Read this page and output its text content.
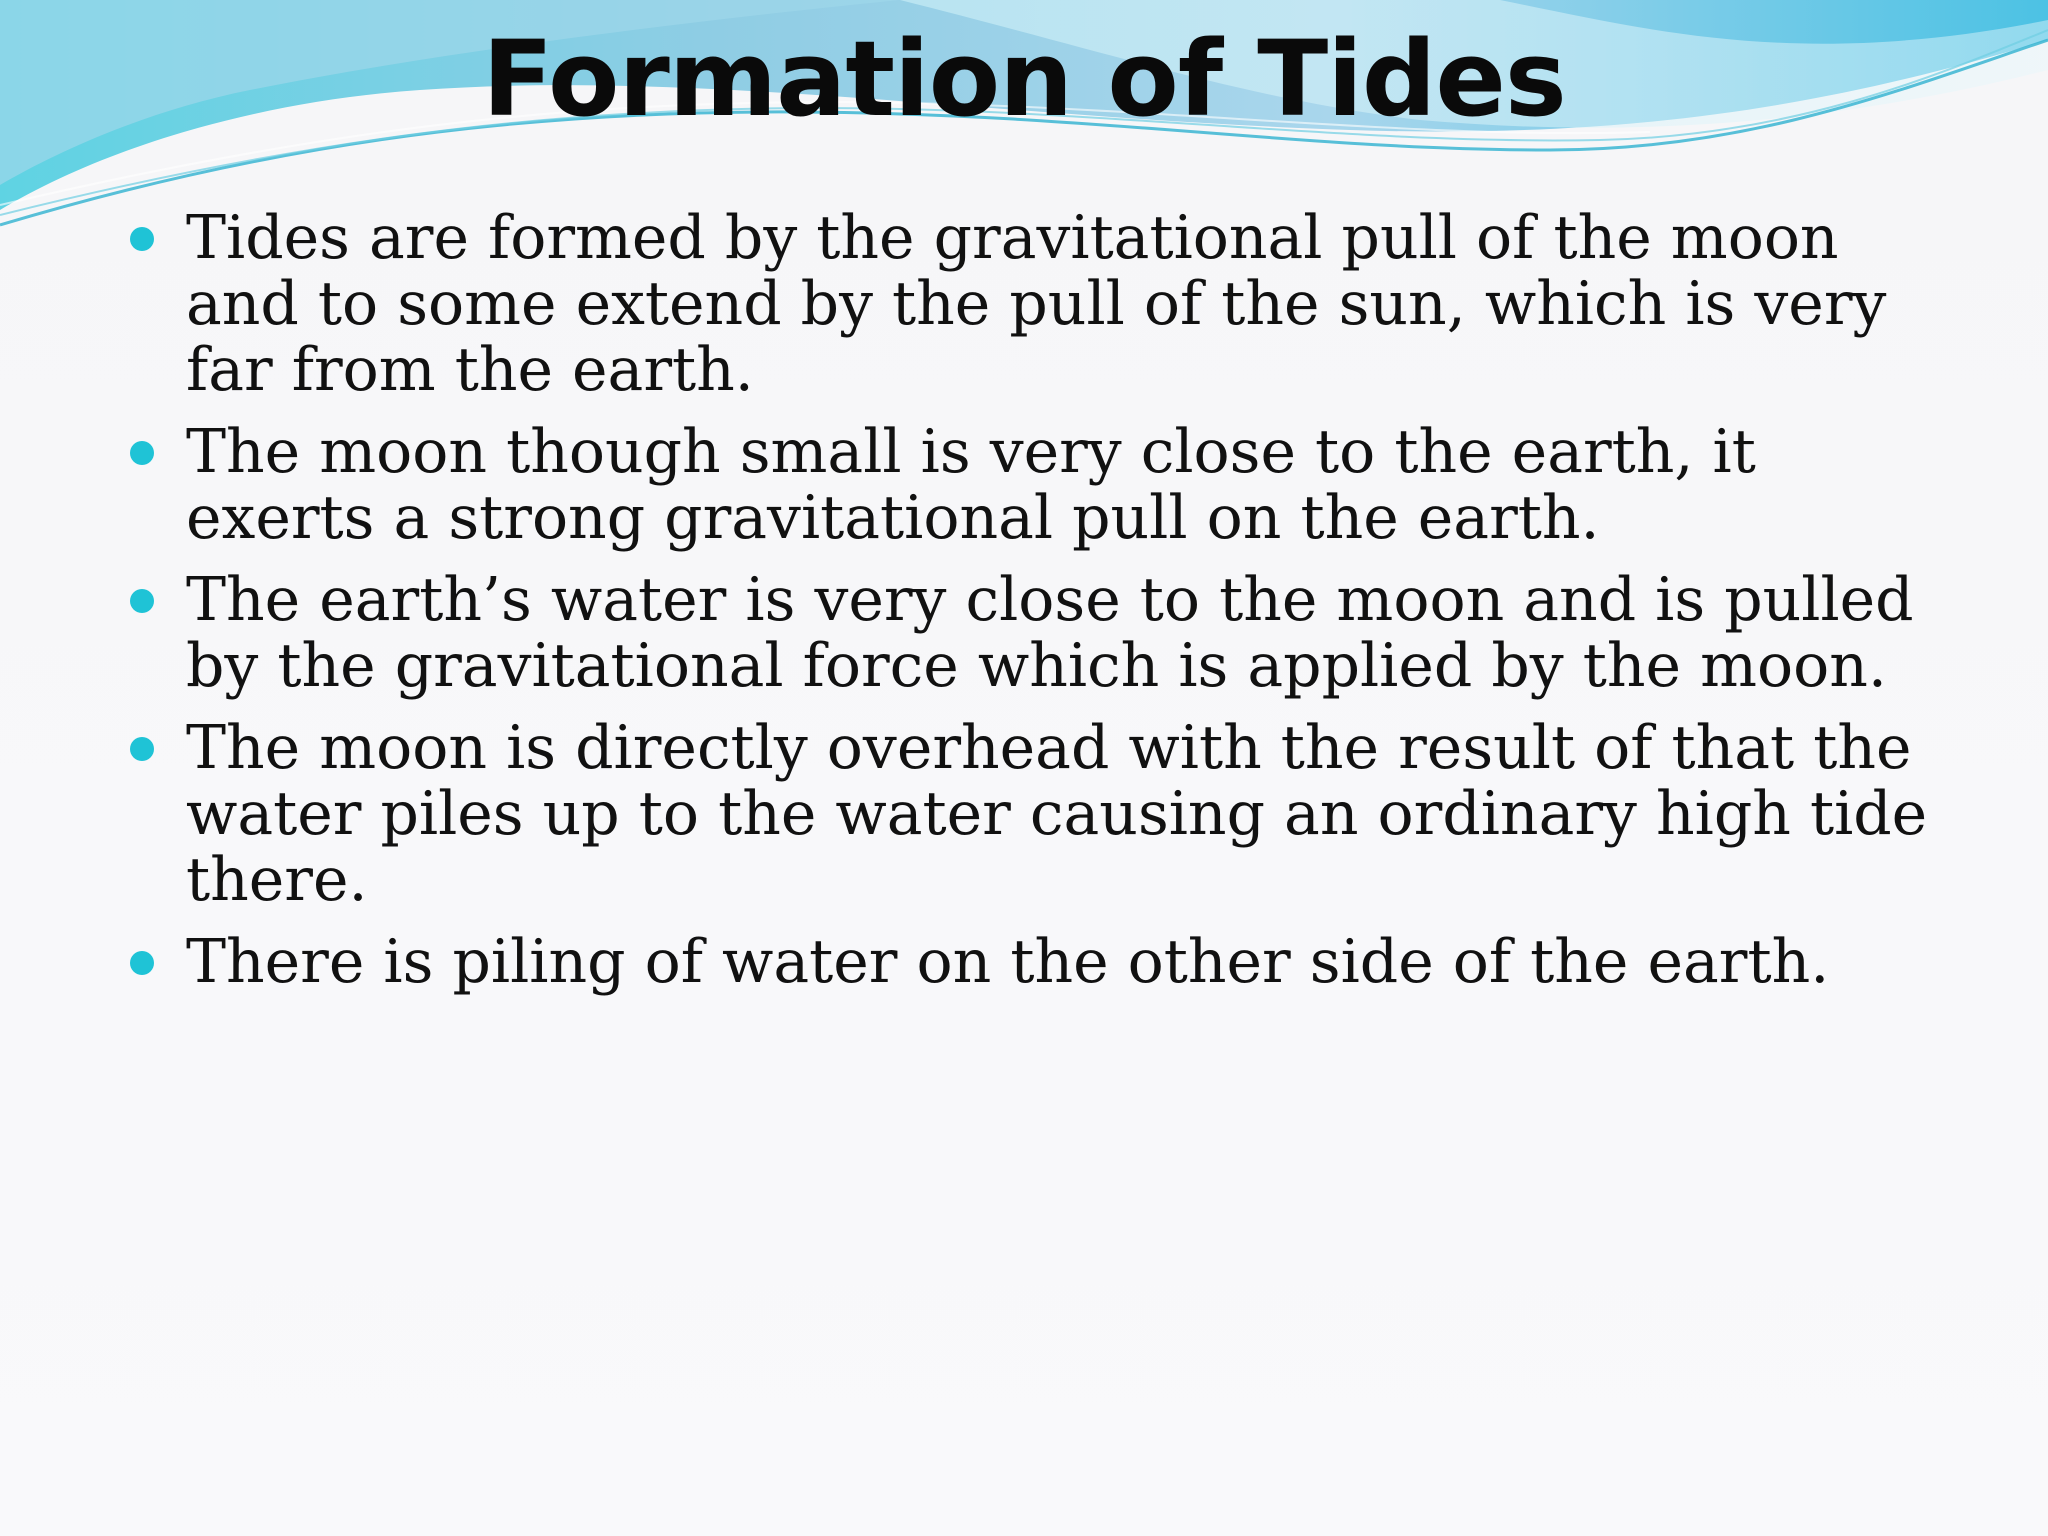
Formation of Tides
Tides are formed by the gravitational pull of the moon and to some extend by the pull of the sun, which is very far from the earth.
The moon though small is very close to the earth, it exerts a strong gravitational pull on the earth.
The earth’s water is very close to the moon and is pulled by the gravitational force which is applied by the moon.
The moon is directly overhead with the result of that the water piles up to the water causing an ordinary high tide there.
There is piling of water on the other side of the earth.
